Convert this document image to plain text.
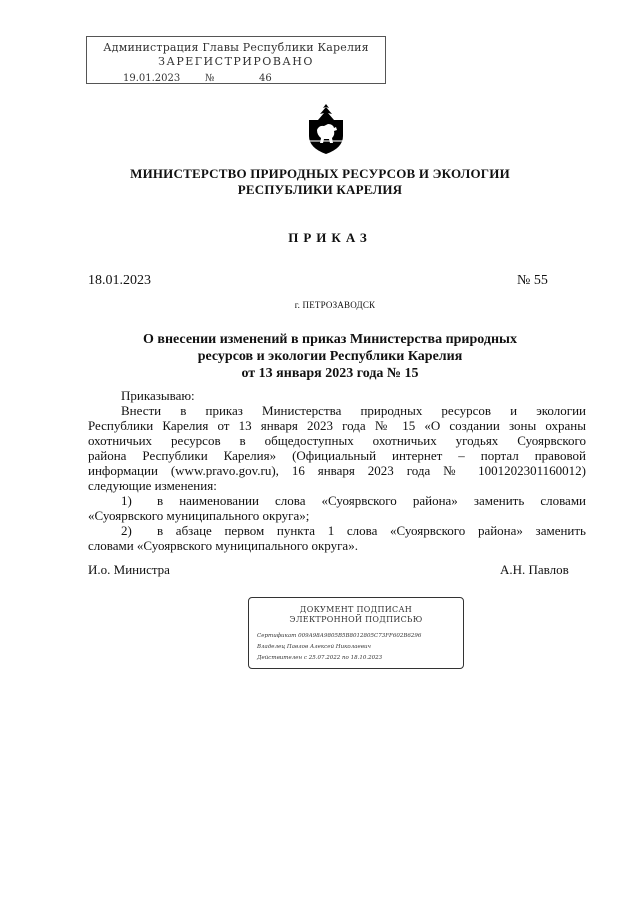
Администрация Главы Республики Карелия
ЗАРЕГИСТРИРОВАНО
19.01.2023 №	46
МИНИСТЕРСТВО ПРИРОДНЫХ РЕСУРСОВ И ЭКОЛОГИИ
РЕСПУБЛИКИ КАРЕЛИЯ
ПРИКАЗ
18.01.2023	№ 55
г. ПЕТРОЗАВОДСК
О внесении изменений в приказ Министерства природных
ресурсов и экологии Республики Карелия
от 13 января 2023 года № 15
Приказываю:
Внести в приказ Министерства природных ресурсов и экологии
Республики Карелия от 13 января 2023 года № 15 «О создании зоны охраны
охотничьих ресурсов в общедоступных охотничьих угодьях Суоярвского
района Республики Карелия» (Официальный интернет – портал правовой
информации (www.pravo.gov.ru), 16 января 2023 года № 1001202301160012)
следующие изменения:
1) в наименовании слова «Суоярвского района» заменить словами
«Суоярвского муниципального округа»;
2) в абзаце первом пункта 1 слова «Суоярвского района» заменить
словами «Суоярвского муниципального округа».
И.о. Министра	А.Н. Павлов
ДОКУМЕНТ ПОДПИСАН
ЭЛЕКТРОННОЙ ПОДПИСЬЮ
Сертификат 009А98А9805В5В8012805С73FF602В6296
Владелец Павлов Алексей Николаевич
Действителен с 25.07.2022 по 18.10.2023
